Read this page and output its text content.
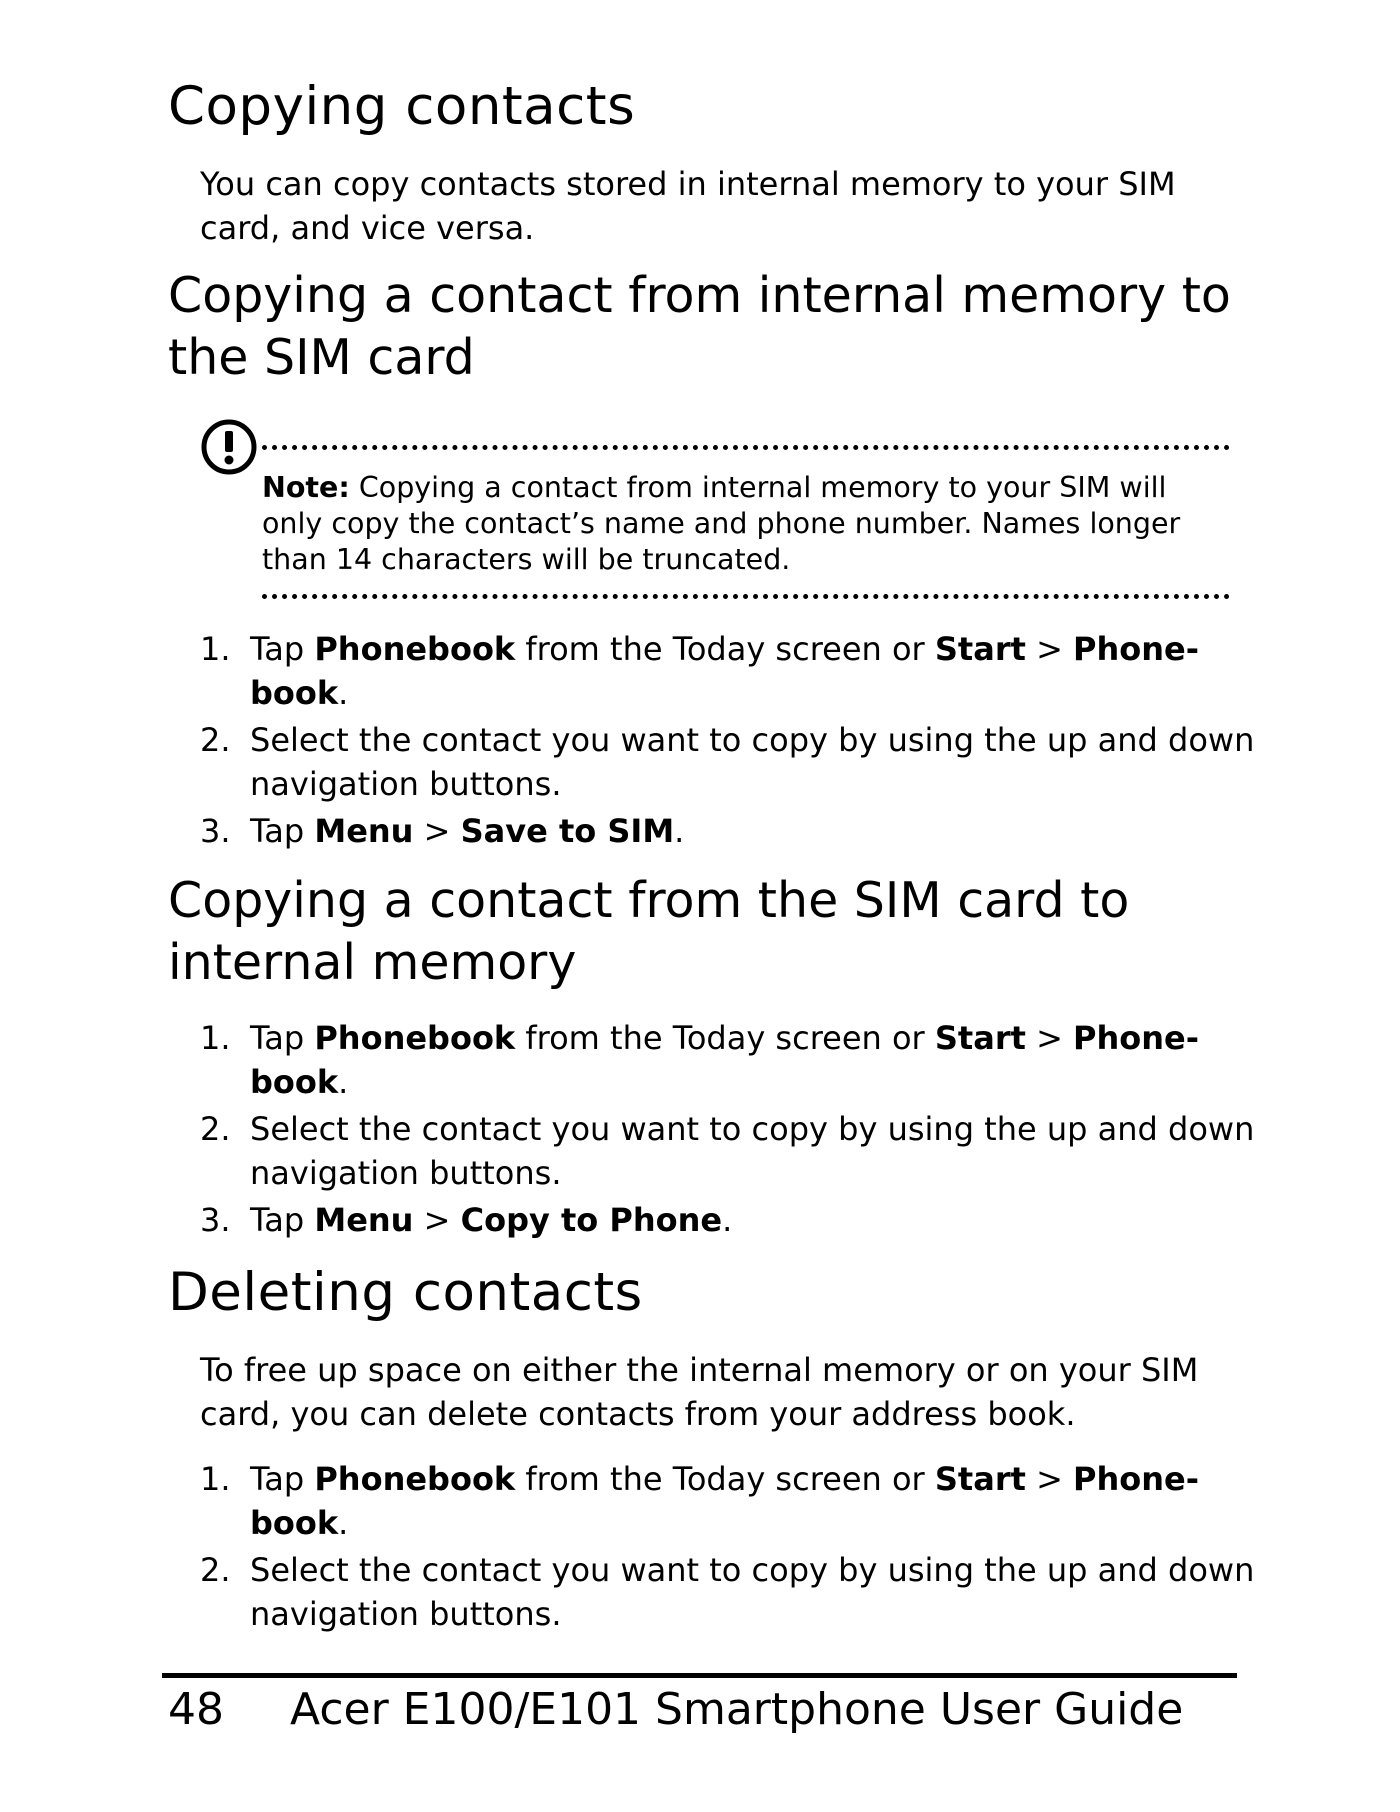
Copying contacts

You can copy contacts stored in internal memory to your SIM card, and vice versa.

Copying a contact from internal memory to the SIM card
Note: Copying a contact from internal memory to your SIM will only copy the contact’s name and phone number. Names longer than 14 characters will be truncated.
1. Tap Phonebook from the Today screen or Start > Phone-book.
2. Select the contact you want to copy by using the up and down navigation buttons.
3. Tap Menu > Save to SIM.
Copying a contact from the SIM card to internal memory
1. Tap Phonebook from the Today screen or Start > Phone-book.
2. Select the contact you want to copy by using the up and down navigation buttons.
3. Tap Menu > Copy to Phone.
Deleting contacts

To free up space on either the internal memory or on your SIM card, you can delete contacts from your address book.

1. Tap Phonebook from the Today screen or Start > Phone-book.
2. Select the contact you want to copy by using the up and down navigation buttons.
48 Acer E100/E101 Smartphone User Guide
